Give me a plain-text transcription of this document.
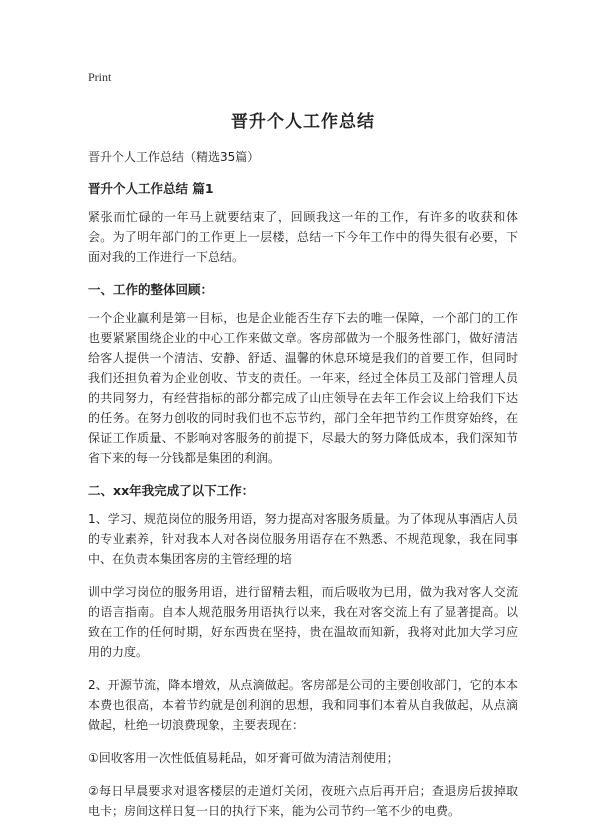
Print
晋升个人工作总结
晋升个人工作总结（精选35篇）
晋升个人工作总结 篇1

紧张而忙碌的一年马上就要结束了，回顾我这一年的工作，有许多的收获和体会。为了明年部门的工作更上一层楼，总结一下今年工作中的得失很有必要，下面对我的工作进行一下总结。

一、工作的整体回顾：

一个企业赢利是第一目标，也是企业能否生存下去的唯一保障，一个部门的工作也要紧紧围绕企业的中心工作来做文章。客房部做为一个服务性部门，做好清洁给客人提供一个清洁、安静、舒适、温馨的休息环境是我们的首要工作，但同时我们还担负着为企业创收、节支的责任。一年来，经过全体员工及部门管理人员的共同努力，有经营指标的部分都完成了山庄领导在去年工作会议上给我们下达的任务。在努力创收的同时我们也不忘节约，部门全年把节约工作贯穿始终，在保证工作质量、不影响对客服务的前提下，尽最大的努力降低成本，我们深知节省下来的每一分钱都是集团的利润。

二、xx年我完成了以下工作：

1、学习、规范岗位的服务用语，努力提高对客服务质量。为了体现从事酒店人员的专业素养，针对我本人对各岗位服务用语存在不熟悉、不规范现象，我在同事中、在负责本集团客房的主管经理的培

训中学习岗位的服务用语，进行留精去粗，而后吸收为已用，做为我对客人交流的语言指南。自本人规范服务用语执行以来，我在对客交流上有了显著提高。以致在工作的任何时期，好东西贵在坚持，贵在温故而知新，我将对此加大学习应用的力度。

2、开源节流，降本增效，从点滴做起。客房部是公司的主要创收部门，它的本本本费也很高，本着节约就是创利润的思想，我和同事们本着从自我做起，从点滴做起，杜绝一切浪费现象，主要表现在：

①回收客用一次性低值易耗品，如牙膏可做为清洁剂使用；

②每日早晨要求对退客楼层的走道灯关闭，夜班六点后再开启；查退房后拔掉取电卡；房间这样日复一日的执行下来，能为公司节约一笔不少的电费。
